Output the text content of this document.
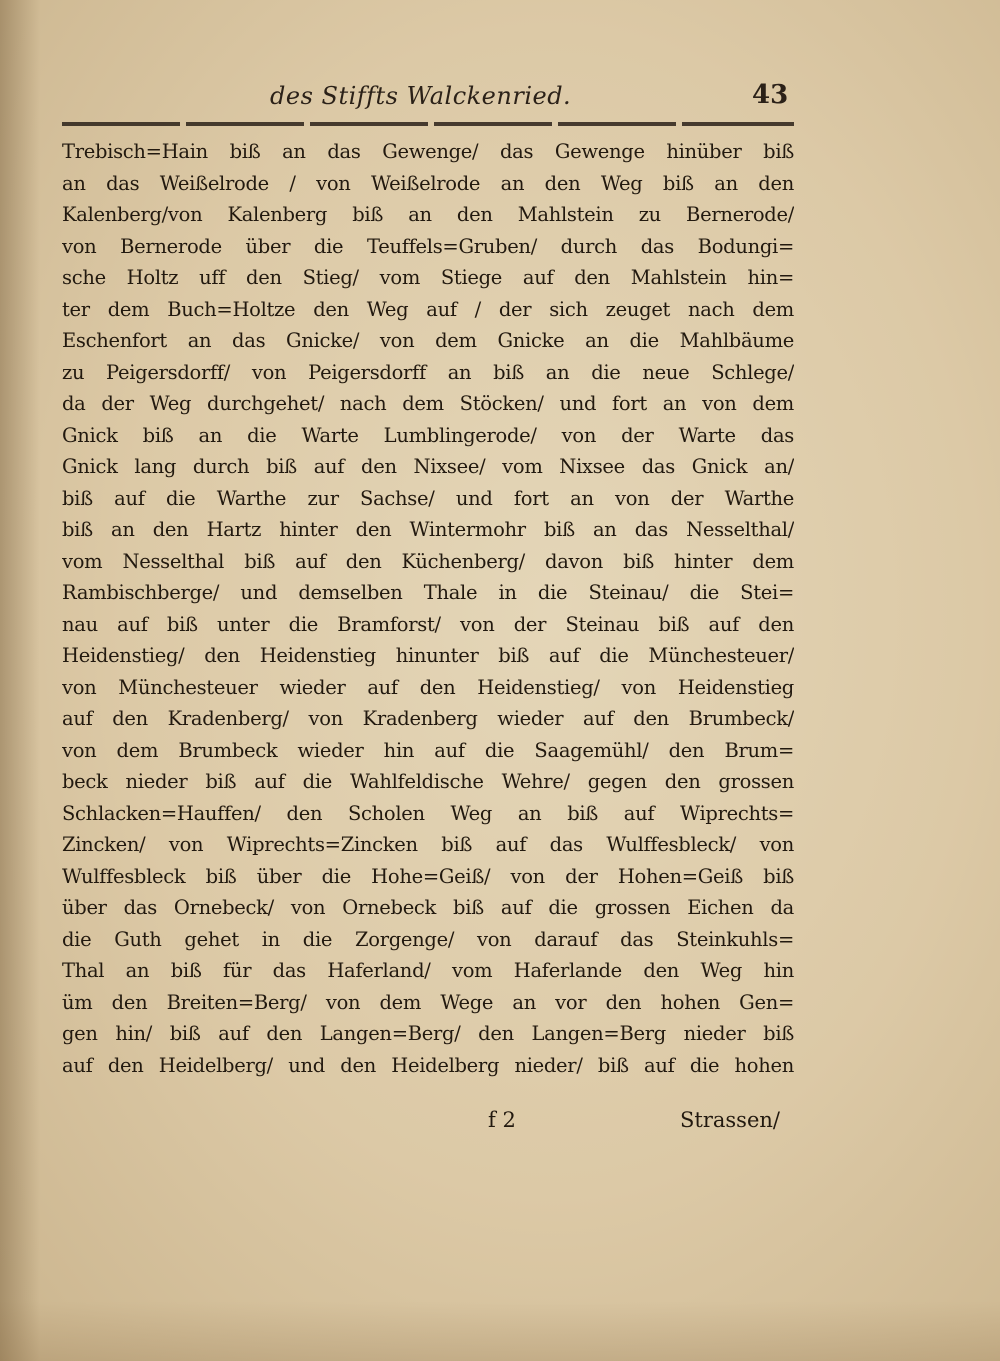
des Stiffts Walckenried.	43
Trebisch=Hain biß an das Gewenge/ das Gewenge hinüber biß
an das Weißelrode / von Weißelrode an den Weg biß an den
Kalenberg/von Kalenberg biß an den Mahlstein zu Bernerode/
von Bernerode über die Teuffels=Gruben/ durch das Bodungi=
sche Holtz uff den Stieg/ vom Stiege auf den Mahlstein hin=
ter dem Buch=Holtze den Weg auf / der sich zeuget nach dem
Eschenfort an das Gnicke/ von dem Gnicke an die Mahlbäume
zu Peigersdorff/ von Peigersdorff an biß an die neue Schlege/
da der Weg durchgehet/ nach dem Stöcken/ und fort an von dem
Gnick biß an die Warte Lumblingerode/ von der Warte das
Gnick lang durch biß auf den Nixsee/ vom Nixsee das Gnick an/
biß auf die Warthe zur Sachse/ und fort an von der Warthe
biß an den Hartz hinter den Wintermohr biß an das Nesselthal/
vom Nesselthal biß auf den Küchenberg/ davon biß hinter dem
Rambischberge/ und demselben Thale in die Steinau/ die Stei=
nau auf biß unter die Bramforst/ von der Steinau biß auf den
Heidenstieg/ den Heidenstieg hinunter biß auf die Münchesteuer/
von Münchesteuer wieder auf den Heidenstieg/ von Heidenstieg
auf den Kradenberg/ von Kradenberg wieder auf den Brumbeck/
von dem Brumbeck wieder hin auf die Saagemühl/ den Brum=
beck nieder biß auf die Wahlfeldische Wehre/ gegen den grossen
Schlacken=Hauffen/ den Scholen Weg an biß auf Wiprechts=
Zincken/ von Wiprechts=Zincken biß auf das Wulffesbleck/ von
Wulffesbleck biß über die Hohe=Geiß/ von der Hohen=Geiß biß
über das Ornebeck/ von Ornebeck biß auf die grossen Eichen da
die Guth gehet in die Zorgenge/ von darauf das Steinkuhls=
Thal an biß für das Haferland/ vom Haferlande den Weg hin
üm den Breiten=Berg/ von dem Wege an vor den hohen Gen=
gen hin/ biß auf den Langen=Berg/ den Langen=Berg nieder biß
auf den Heidelberg/ und den Heidelberg nieder/ biß auf die hohen
f 2	Strassen/
